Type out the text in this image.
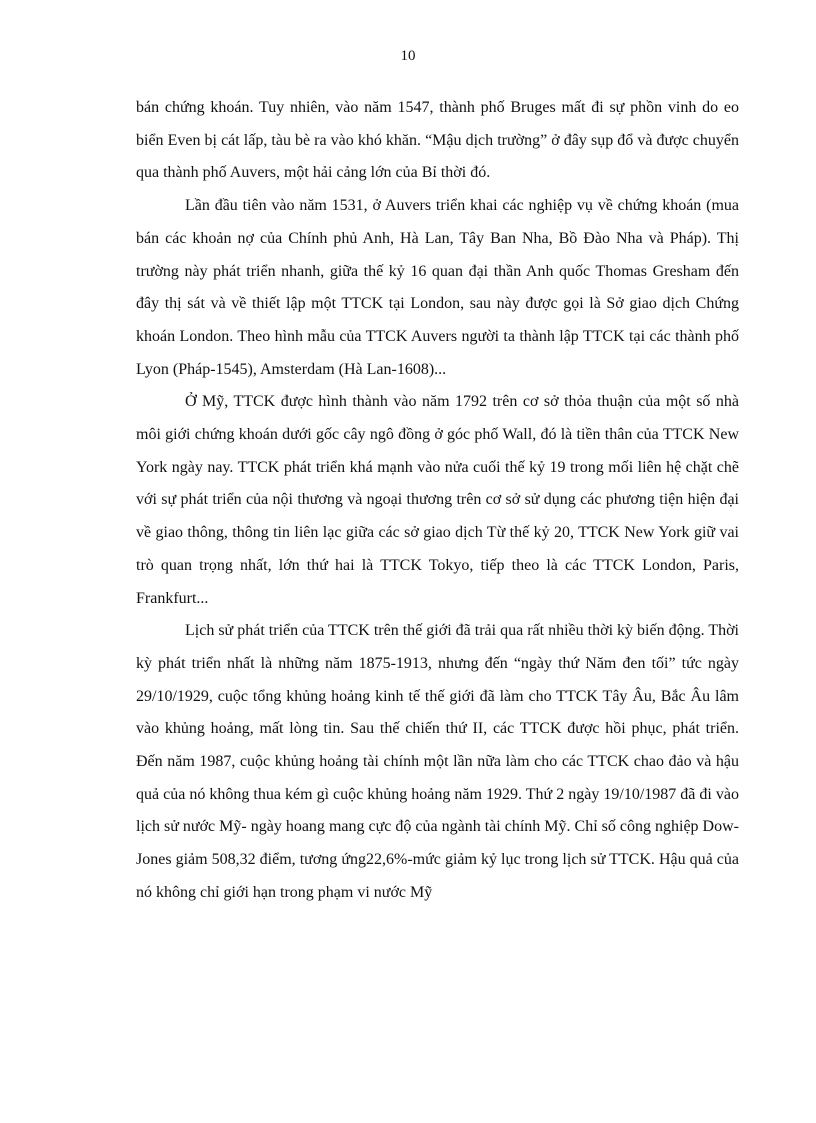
10

bán chứng khoán. Tuy nhiên, vào năm 1547, thành phố Bruges mất đi sự phồn vinh do eo biển Even bị cát lấp, tàu bè ra vào khó khăn. “Mậu dịch trường” ở đây sụp đổ và được chuyển qua thành phố Auvers, một hải cảng lớn của Bỉ thời đó.

Lần đầu tiên vào năm 1531, ở Auvers triển khai các nghiệp vụ về chứng khoán (mua bán các khoản nợ của Chính phủ Anh, Hà Lan, Tây Ban Nha, Bồ Đào Nha và Pháp). Thị trường này phát triển nhanh, giữa thế kỷ 16 quan đại thần Anh quốc Thomas Gresham đến đây thị sát và về thiết lập một TTCK tại London, sau này được gọi là Sở giao dịch Chứng khoán London. Theo hình mẫu của TTCK Auvers người ta thành lập TTCK tại các thành phố Lyon (Pháp-1545), Amsterdam (Hà Lan-1608)...

Ở Mỹ, TTCK được hình thành vào năm 1792 trên cơ sở thỏa thuận của một số nhà môi giới chứng khoán dưới gốc cây ngô đồng ở góc phố Wall, đó là tiền thân của TTCK New York ngày nay. TTCK phát triển khá mạnh vào nửa cuối thế kỷ 19 trong mối liên hệ chặt chẽ với sự phát triển của nội thương và ngoại thương trên cơ sở sử dụng các phương tiện hiện đại về giao thông, thông tin liên lạc giữa các sở giao dịch Từ thế kỷ 20, TTCK New York giữ vai trò quan trọng nhất, lớn thứ hai là TTCK Tokyo, tiếp theo là các TTCK London, Paris, Frankfurt...

Lịch sử phát triển của TTCK trên thế giới đã trải qua rất nhiều thời kỳ biến động. Thời kỳ phát triển nhất là những năm 1875-1913, nhưng đến “ngày thứ Năm đen tối” tức ngày 29/10/1929, cuộc tổng khủng hoảng kinh tế thế giới đã làm cho TTCK Tây Âu, Bắc Âu lâm vào khủng hoảng, mất lòng tin. Sau thế chiến thứ II, các TTCK được hồi phục, phát triển. Đến năm 1987, cuộc khủng hoảng tài chính một lần nữa làm cho các TTCK chao đảo và hậu quả của nó không thua kém gì cuộc khủng hoảng năm 1929. Thứ 2 ngày 19/10/1987 đã đi vào lịch sử nước Mỹ- ngày hoang mang cực độ của ngành tài chính Mỹ. Chỉ số công nghiệp Dow-Jones giảm 508,32 điểm, tương ứng22,6%-mức giảm kỷ lục trong lịch sử TTCK. Hậu quả của nó không chỉ giới hạn trong phạm vi nước Mỹ
